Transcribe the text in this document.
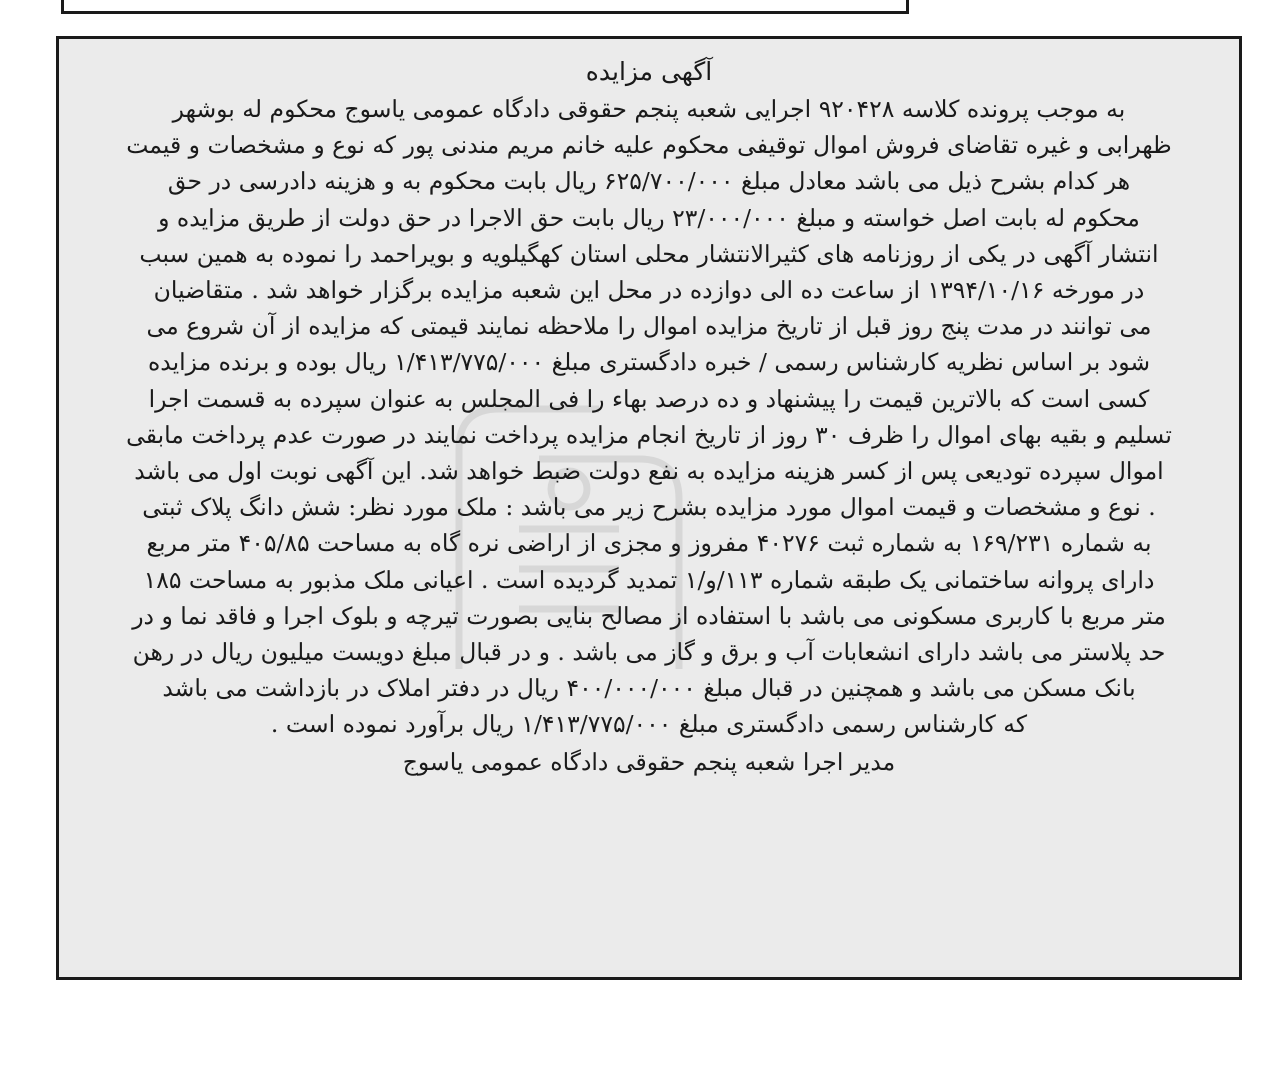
آگهی مزایده

به موجب پرونده کلاسه ۹۲۰۴۲۸ اجرایی شعبه پنجم حقوقی دادگاه عمومی یاسوج محکوم له بوشهر

ظهرابی و غیره تقاضای فروش اموال توقیفی محکوم علیه خانم مریم مندنی پور که نوع و مشخصات و قیمت

هر کدام بشرح ذیل می باشد معادل مبلغ ۶۲۵/۷۰۰/۰۰۰ ریال بابت محکوم به و هزینه دادرسی در حق

محکوم له بابت اصل خواسته و مبلغ ۲۳/۰۰۰/۰۰۰ ریال بابت حق الاجرا در حق دولت از طریق مزایده و

انتشار آگهی در یکی از روزنامه های کثیرالانتشار محلی استان کهگیلویه و بویراحمد را نموده به همین سبب

در مورخه ۱۳۹۴/۱۰/۱۶ از ساعت ده الی دوازده در محل این شعبه مزایده برگزار خواهد شد . متقاضیان

می توانند در مدت پنج روز قبل از تاریخ مزایده اموال را ملاحظه نمایند قیمتی که مزایده از آن شروع می

شود بر اساس نظریه کارشناس رسمی / خبره دادگستری مبلغ ۱/۴۱۳/۷۷۵/۰۰۰ ریال بوده و برنده مزایده

کسی است که بالاترین قیمت را پیشنهاد و ده درصد بهاء را فی المجلس به عنوان سپرده به قسمت اجرا

تسلیم و بقیه بهای اموال را ظرف ۳۰ روز از تاریخ انجام مزایده پرداخت نمایند در صورت عدم پرداخت مابقی

اموال سپرده تودیعی پس از کسر هزینه مزایده به نفع دولت ضبط خواهد شد. این آگهی نوبت اول می باشد

. نوع و مشخصات و قیمت اموال مورد مزایده بشرح زیر می باشد : ملک مورد نظر: شش دانگ پلاک ثبتی

به شماره ۱۶۹/۲۳۱ به شماره ثبت ۴۰۲۷۶ مفروز و مجزی از اراضی نره گاه به مساحت ۴۰۵/۸۵ متر مربع

دارای پروانه ساختمانی یک طبقه شماره ۱۱۳/و/۱ تمدید گردیده است . اعیانی ملک مذبور به مساحت ۱۸۵

متر مربع با کاربری مسکونی می باشد با استفاده از مصالح بنایی بصورت تیرچه و بلوک اجرا و فاقد نما و در

حد پلاستر می باشد دارای انشعابات آب و برق و گاز می باشد . و در قبال مبلغ دویست میلیون ریال در رهن

بانک مسکن می باشد و همچنین در قبال مبلغ ۴۰۰/۰۰۰/۰۰۰ ریال در دفتر املاک در بازداشت می باشد

که کارشناس رسمی دادگستری مبلغ ۱/۴۱۳/۷۷۵/۰۰۰ ریال برآورد نموده است .

مدیر اجرا شعبه پنجم حقوقی دادگاه عمومی یاسوج
